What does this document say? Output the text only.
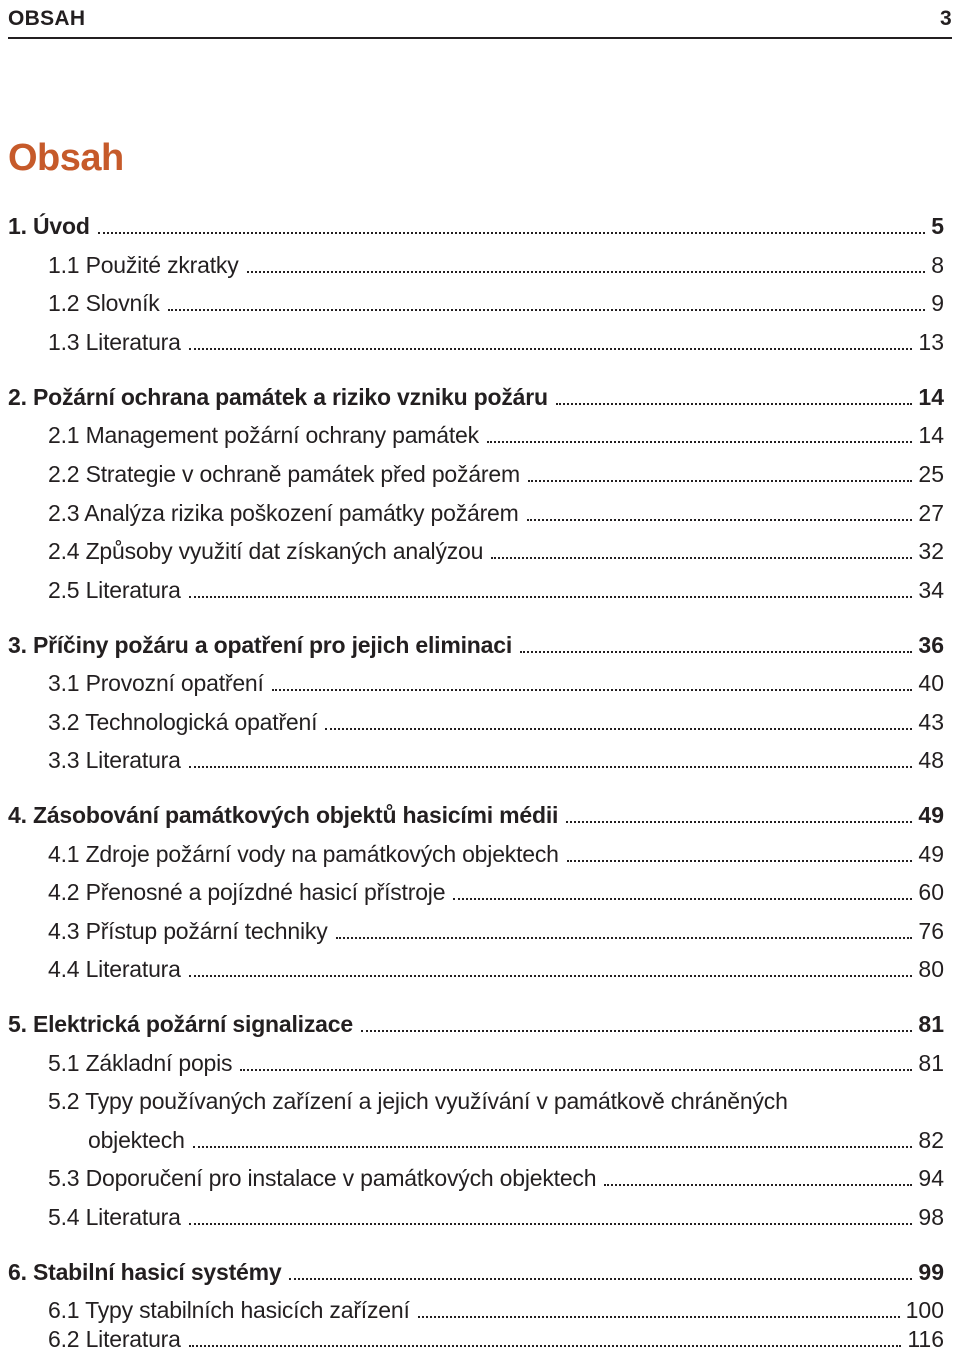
OBSAH	3
Obsah
1. Úvod	5
1.1 Použité zkratky	8
1.2 Slovník	9
1.3 Literatura	13
2. Požární ochrana památek a riziko vzniku požáru	14
2.1 Management požární ochrany památek	14
2.2 Strategie v ochraně památek před požárem	25
2.3 Analýza rizika poškození památky požárem	27
2.4 Způsoby využití dat získaných analýzou	32
2.5 Literatura	34
3. Příčiny požáru a opatření pro jejich eliminaci	36
3.1 Provozní opatření	40
3.2 Technologická opatření	43
3.3 Literatura	48
4. Zásobování památkových objektů hasicími médii	49
4.1 Zdroje požární vody na památkových objektech	49
4.2 Přenosné a pojízdné hasicí přístroje	60
4.3 Přístup požární techniky	76
4.4 Literatura	80
5. Elektrická požární signalizace	81
5.1 Základní popis	81
5.2 Typy používaných zařízení a jejich využívání v památkově chráněných
objektech	82
5.3 Doporučení pro instalace v památkových objektech	94
5.4 Literatura	98
6. Stabilní hasicí systémy	99
6.1 Typy stabilních hasicích zařízení	100
6.2 Literatura	116
